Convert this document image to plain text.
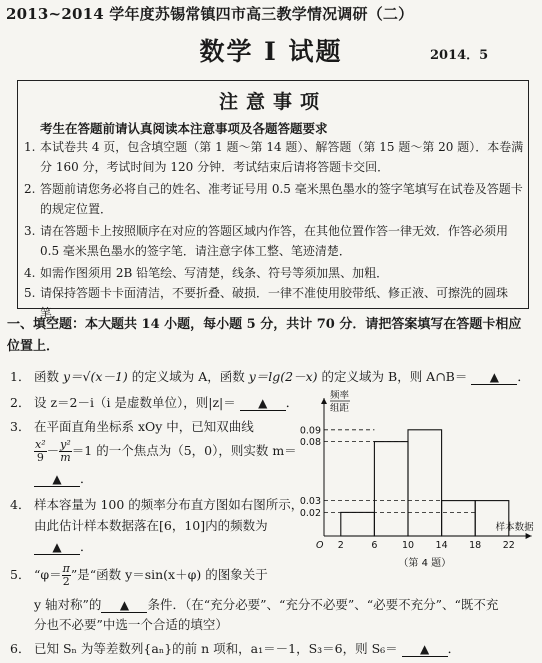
2013~2014 学年度苏锡常镇四市高三教学情况调研（二）
数学 I 试题	2014．5
注意事项
考生在答题前请认真阅读本注意事项及各题答题要求
1. 本试卷共 4 页，包含填空题（第 1 题～第 14 题）、解答题（第 15 题～第 20 题）．本卷满分 160 分，考试时间为 120 分钟．考试结束后请将答题卡交回．
2. 答题前请您务必将自己的姓名、准考证号用 0.5 毫米黑色墨水的签字笔填写在试卷及答题卡的规定位置．
3. 请在答题卡上按照顺序在对应的答题区域内作答，在其他位置作答一律无效．作答必须用 0.5 毫米黑色墨水的签字笔．请注意字体工整、笔迹清楚．
4. 如需作图须用 2B 铅笔绘、写清楚，线条、符号等须加黑、加粗．
5. 请保持答题卡卡面清洁，不要折叠、破损．一律不准使用胶带纸、修正液、可擦洗的圆珠笔．
一、填空题：本大题共 14 小题，每小题 5 分，共计 70 分．请把答案填写在答题卡相应位置上．
1． 函数 y＝√(x－1) 的定义域为 A，函数 y＝lg(2－x) 的定义域为 B，则 A∩B＝ ▲ ．
2． 设 z＝2－i（i 是虚数单位），则|z|＝ ▲ ．
3． 在平面直角坐标系 xOy 中，已知双曲线
$\frac{\text{x²}}{9} - \frac{\text{y²}}{m} =1$ 的一个焦点为（5，0），则实数 m＝
▲ ．
4． 样本容量为 100 的频率分布直方图如右图所示，
由此估计样本数据落在[6，10]内的频数为
▲ ．
5． “$\varphi= \frac{\pi}{2}$ ”是“函数 y＝sin(x＋φ) 的图象关于
y 轴对称”的 ▲ 条件．（在“充分必要”、“充分不必要”、“必要不充分”、“既不充
分也不必要”中选一个合适的填空）
6． 已知 Sₙ 为等差数列{aₙ}的前 n 项和，a₁＝－1，S₃＝6，则 S₆＝ ▲ ．
0.09
0.08
0.03
0.02
2	6	10 14 18 22
O
频率
组距
样本数据
（第 4 题）
